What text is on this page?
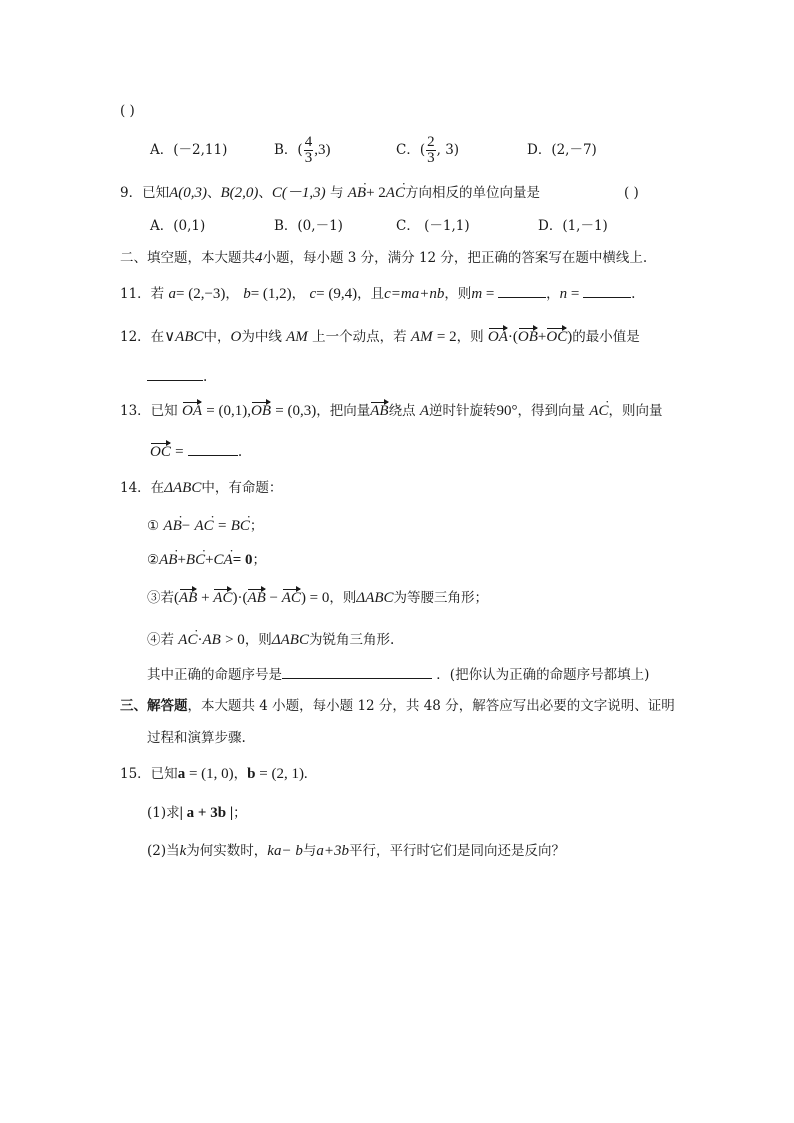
( )
A．(－2,11)	B．( $\frac{4}{3} ,3$)	C．( $\frac{2}{3}$ , 3)	D．(2,－7)
9．已知A(0,3)、B(2,0)、C(－1,3) 与 · AB+ 2· AC方向相反的单位向量是	( )
A．(0,1)	B．(0,－1)	C． (－1,1)	D．(1,－1)
二、填空题，本大题共4小题，每小题 3 分，满分 12 分，把正确的答案写在题中横线上.
11．若 a= (2,−3)， b= (1,2)， c= (9,4)，且c=ma+nb，则m =	，n =	.
12．在∨ABC中，O为中线 AM 上一个动点，若 AM = 2，则 OA·(OB+OC)的最小值是
.
13．已知 OA = (0,1),OB = (0,3)，把向量AB绕点 A逆时针旋转90°，得到向量 · AC，则向量
OC =	.
14．在ΔABC中，有命题：
① · AB− · AC = · BC；
②· AB+· BC+· CA= 0；
③若(AB + AC)·(AB − AC) = 0，则ΔABC为等腰三角形；
④若 · AC·AB > 0，则ΔABC为锐角三角形.
其中正确的命题序号是	．(把你认为正确的命题序号都填上)
三、解答题，本大题共 4 小题，每小题 12 分，共 48 分，解答应写出必要的文字说明、证明
过程和演算步骤.
15．已知a = (1, 0)，b = (2, 1).
(1)求| a + 3b |；
(2)当k为何实数时，ka− b与a+3b平行，平行时它们是同向还是反向？
